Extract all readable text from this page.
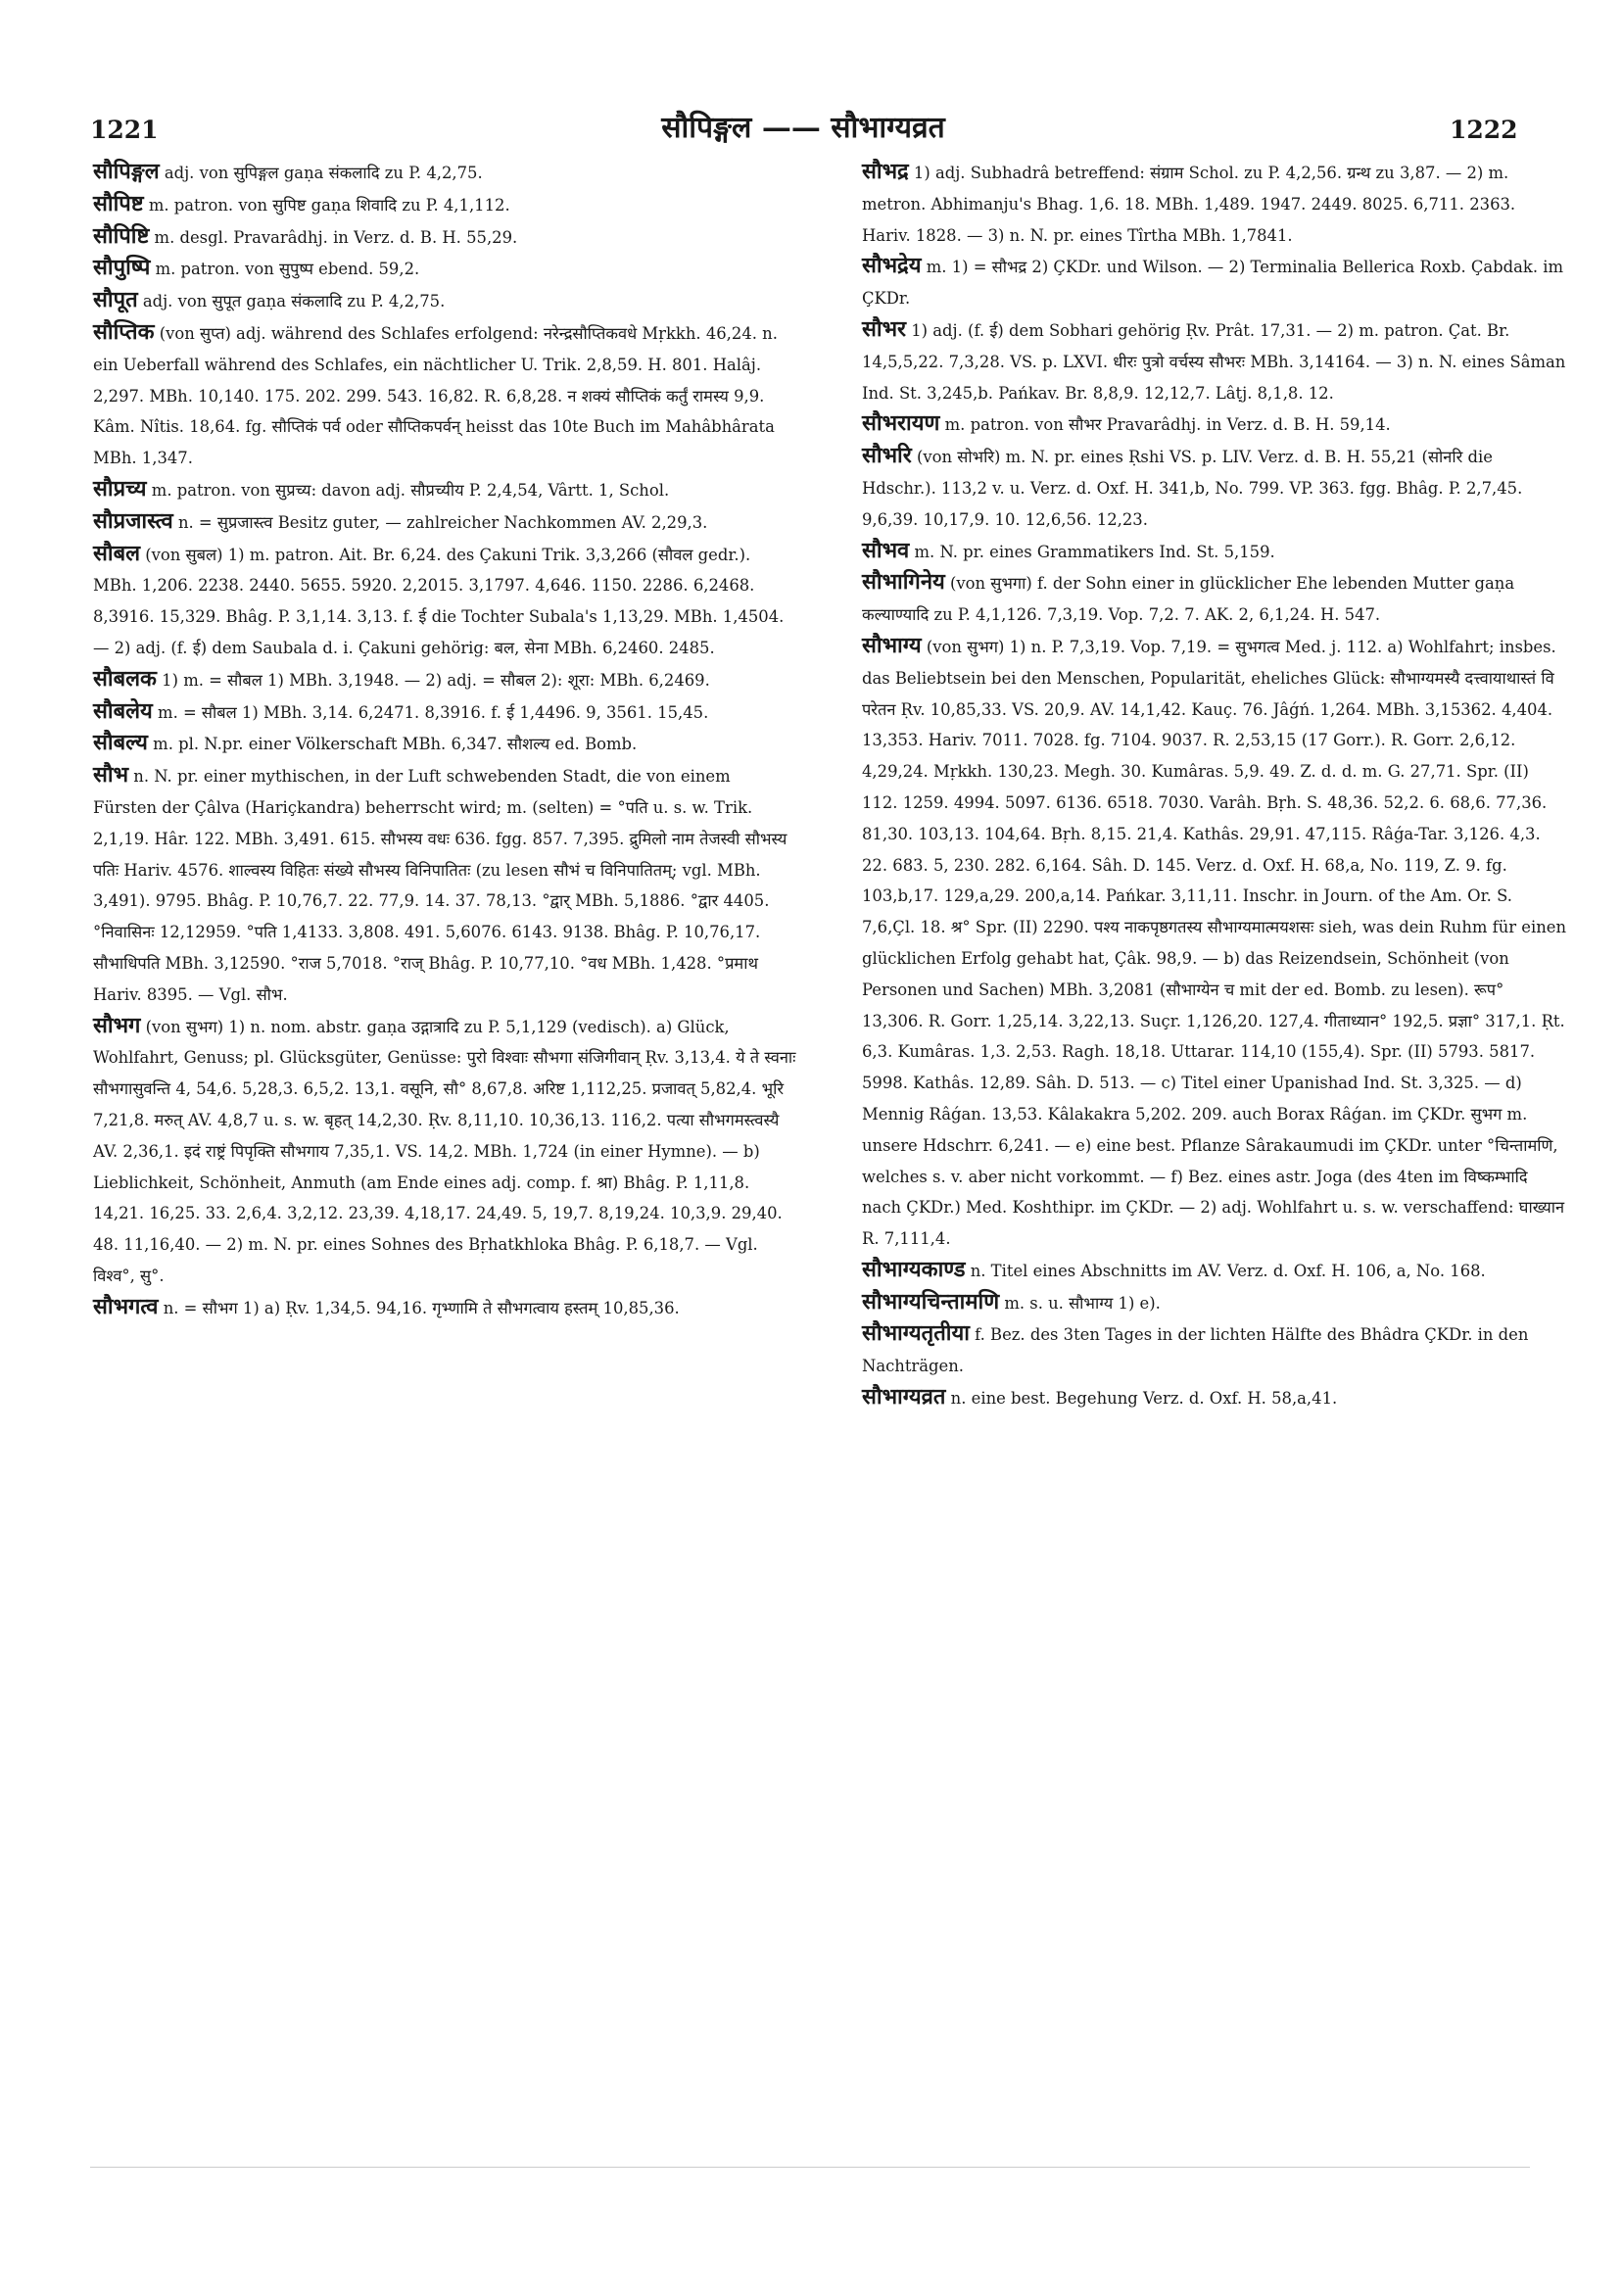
1221	सौपिङ्गल —— सौभाग्यव्रत	1222
सौपिङ्गल adj. von सुपिङ्गल gaṇa संकलादि zu P. 4,2,75.
सौपिष्ट m. patron. von सुपिष्ट gaṇa शिवादि zu P. 4,1,112.
सौपिष्टि m. desgl. Pravarâdhj. in Verz. d. B. H. 55,29.
सौपुष्पि m. patron. von सुपुष्प ebend. 59,2.
सौपूत adj. von सुपूत gaṇa संकलादि zu P. 4,2,75.
सौप्तिक (von सुप्त) adj. während des Schlafes erfolgend: नरेन्द्रसौप्तिकवधे Mṛkkh. 46,24. n. ein Ueberfall während des Schlafes, ein nächtlicher U. Trik. 2,8,59. H. 801. Halâj. 2,297. MBh. 10,140. 175. 202. 299. 543. 16,82. R. 6,8,28. न शक्यं सौप्तिकं कर्तुं रामस्य 9,9. Kâm. Nîtis. 18,64. fg. सौप्तिकं पर्व oder सौप्तिकपर्वन् heisst das 10te Buch im Mahâbhârata MBh. 1,347.
सौप्रच्य m. patron. von सुप्रच्य: davon adj. सौप्रच्यीय P. 2,4,54, Vârtt. 1, Schol.
सौप्रजास्त्व n. = सुप्रजास्त्व Besitz guter, — zahlreicher Nachkommen AV. 2,29,3.
सौबल (von सुबल) 1) m. patron. Ait. Br. 6,24. des Çakuni Trik. 3,3,266 (सौवल gedr.). MBh. 1,206. 2238. 2440. 5655. 5920. 2,2015. 3,1797. 4,646. 1150. 2286. 6,2468. 8,3916. 15,329. Bhâg. P. 3,1,14. 3,13. f. ई die Tochter Subala's 1,13,29. MBh. 1,4504. — 2) adj. (f. ई) dem Saubala d. i. Çakuni gehörig: बल, सेना MBh. 6,2460. 2485.
सौबलक 1) m. = सौबल 1) MBh. 3,1948. — 2) adj. = सौबल 2): शूरा: MBh. 6,2469.
सौबलेय m. = सौबल 1) MBh. 3,14. 6,2471. 8,3916. f. ई 1,4496. 9, 3561. 15,45.
सौबल्य m. pl. N.pr. einer Völkerschaft MBh. 6,347. सौशल्य ed. Bomb.
सौभ n. N. pr. einer mythischen, in der Luft schwebenden Stadt, die von einem Fürsten der Çâlva (Hariçkandra) beherrscht wird; m. (selten) = °पति u. s. w. Trik. 2,1,19. Hâr. 122. MBh. 3,491. 615. सौभस्य वधः 636. fgg. 857. 7,395. द्रुमिलो नाम तेजस्वी सौभस्य पतिः Hariv. 4576. शाल्वस्य विहितः संख्ये सौभस्य विनिपातितः (zu lesen सौभं च विनिपातितम्; vgl. MBh. 3,491). 9795. Bhâg. P. 10,76,7. 22. 77,9. 14. 37. 78,13. °द्वार् MBh. 5,1886. °द्वार 4405. °निवासिनः 12,12959. °पति 1,4133. 3,808. 491. 5,6076. 6143. 9138. Bhâg. P. 10,76,17. सौभाधिपति MBh. 3,12590. °राज 5,7018. °राज् Bhâg. P. 10,77,10. °वध MBh. 1,428. °प्रमाथ Hariv. 8395. — Vgl. सौभ.
सौभग (von सुभग) 1) n. nom. abstr. gaṇa उद्गात्रादि zu P. 5,1,129 (vedisch). a) Glück, Wohlfahrt, Genuss; pl. Glücksgüter, Genüsse: पुरो विश्वाः सौभगा संजिगीवान् Ṛv. 3,13,4. ये ते स्वनाः सौभगासुवन्ति 4, 54,6. 5,28,3. 6,5,2. 13,1. वसूनि, सौ° 8,67,8. अरिष्ट 1,112,25. प्रजावत् 5,82,4. भूरि 7,21,8. मरुत् AV. 4,8,7 u. s. w. बृहत् 14,2,30. Ṛv. 8,11,10. 10,36,13. 116,2. पत्या सौभगमस्त्वस्यै AV. 2,36,1. इदं राष्ट्रं पिपृक्ति सौभगाय 7,35,1. VS. 14,2. MBh. 1,724 (in einer Hymne). — b) Lieblichkeit, Schönheit, Anmuth (am Ende eines adj. comp. f. श्रा) Bhâg. P. 1,11,8. 14,21. 16,25. 33. 2,6,4. 3,2,12. 23,39. 4,18,17. 24,49. 5, 19,7. 8,19,24. 10,3,9. 29,40. 48. 11,16,40. — 2) m. N. pr. eines Sohnes des Bṛhatkhloka Bhâg. P. 6,18,7. — Vgl. विश्व°, सु°.
सौभगत्व n. = सौभग 1) a) Ṛv. 1,34,5. 94,16. गृभ्णामि ते सौभगत्वाय हस्तम् 10,85,36.
सौभद्र 1) adj. Subhadrâ betreffend: संग्राम Schol. zu P. 4,2,56. ग्रन्थ zu 3,87. — 2) m. metron. Abhimanju's Bhag. 1,6. 18. MBh. 1,489. 1947. 2449. 8025. 6,711. 2363. Hariv. 1828. — 3) n. N. pr. eines Tîrtha MBh. 1,7841.
सौभद्रेय m. 1) = सौभद्र 2) ÇKDr. und Wilson. — 2) Terminalia Bellerica Roxb. Çabdak. im ÇKDr.
सौभर 1) adj. (f. ई) dem Sobhari gehörig Ṛv. Prât. 17,31. — 2) m. patron. Çat. Br. 14,5,5,22. 7,3,28. VS. p. LXVI. धीरः पुत्रो वर्चस्य सौभरः MBh. 3,14164. — 3) n. N. eines Sâman Ind. St. 3,245,b. Pańkav. Br. 8,8,9. 12,12,7. Lâṭj. 8,1,8. 12.
सौभरायण m. patron. von सौभर Pravarâdhj. in Verz. d. B. H. 59,14.
सौभरि (von सोभरि) m. N. pr. eines Ṛshi VS. p. LIV. Verz. d. B. H. 55,21 (सोनरि die Hdschr.). 113,2 v. u. Verz. d. Oxf. H. 341,b, No. 799. VP. 363. fgg. Bhâg. P. 2,7,45. 9,6,39. 10,17,9. 10. 12,6,56. 12,23.
सौभव m. N. pr. eines Grammatikers Ind. St. 5,159.
सौभागिनेय (von सुभगा) f. der Sohn einer in glücklicher Ehe lebenden Mutter gaṇa कल्याण्यादि zu P. 4,1,126. 7,3,19. Vop. 7,2. 7. AK. 2, 6,1,24. H. 547.
सौभाग्य (von सुभग) 1) n. P. 7,3,19. Vop. 7,19. = सुभगत्व Med. j. 112. a) Wohlfahrt; insbes. das Beliebtsein bei den Menschen, Popularität, eheliches Glück: सौभाग्यमस्यै दत्त्वायाथास्तं वि परेतन Ṛv. 10,85,33. VS. 20,9. AV. 14,1,42. Kauç. 76. Jâǵń. 1,264. MBh. 3,15362. 4,404. 13,353. Hariv. 7011. 7028. fg. 7104. 9037. R. 2,53,15 (17 Gorr.). R. Gorr. 2,6,12. 4,29,24. Mṛkkh. 130,23. Megh. 30. Kumâras. 5,9. 49. Z. d. d. m. G. 27,71. Spr. (II) 112. 1259. 4994. 5097. 6136. 6518. 7030. Varâh. Bṛh. S. 48,36. 52,2. 6. 68,6. 77,36. 81,30. 103,13. 104,64. Bṛh. 8,15. 21,4. Kathâs. 29,91. 47,115. Râǵa-Tar. 3,126. 4,3. 22. 683. 5, 230. 282. 6,164. Sâh. D. 145. Verz. d. Oxf. H. 68,a, No. 119, Z. 9. fg. 103,b,17. 129,a,29. 200,a,14. Pańkar. 3,11,11. Inschr. in Journ. of the Am. Or. S. 7,6,Çl. 18. श्र° Spr. (II) 2290. पश्य नाकपृष्ठगतस्य सौभाग्यमात्मयशसः sieh, was dein Ruhm für einen glücklichen Erfolg gehabt hat, Çâk. 98,9. — b) das Reizendsein, Schönheit (von Personen und Sachen) MBh. 3,2081 (सौभाग्येन च mit der ed. Bomb. zu lesen). रूप° 13,306. R. Gorr. 1,25,14. 3,22,13. Suçr. 1,126,20. 127,4. गीताध्यान° 192,5. प्रज्ञा° 317,1. Ṛt. 6,3. Kumâras. 1,3. 2,53. Ragh. 18,18. Uttarar. 114,10 (155,4). Spr. (II) 5793. 5817. 5998. Kathâs. 12,89. Sâh. D. 513. — c) Titel einer Upanishad Ind. St. 3,325. — d) Mennig Râǵan. 13,53. Kâlakakra 5,202. 209. auch Borax Râǵan. im ÇKDr. सुभग m. unsere Hdschrr. 6,241. — e) eine best. Pflanze Sârakaumudi im ÇKDr. unter °चिन्तामणि, welches s. v. aber nicht vorkommt. — f) Bez. eines astr. Joga (des 4ten im विष्कम्भादि nach ÇKDr.) Med. Koshthipr. im ÇKDr. — 2) adj. Wohlfahrt u. s. w. verschaffend: घाख्यान R. 7,111,4.
सौभाग्यकाण्ड n. Titel eines Abschnitts im AV. Verz. d. Oxf. H. 106, a, No. 168.
सौभाग्यचिन्तामणि m. s. u. सौभाग्य 1) e).
सौभाग्यतृतीया f. Bez. des 3ten Tages in der lichten Hälfte des Bhâdra ÇKDr. in den Nachträgen.
सौभाग्यव्रत n. eine best. Begehung Verz. d. Oxf. H. 58,a,41.
